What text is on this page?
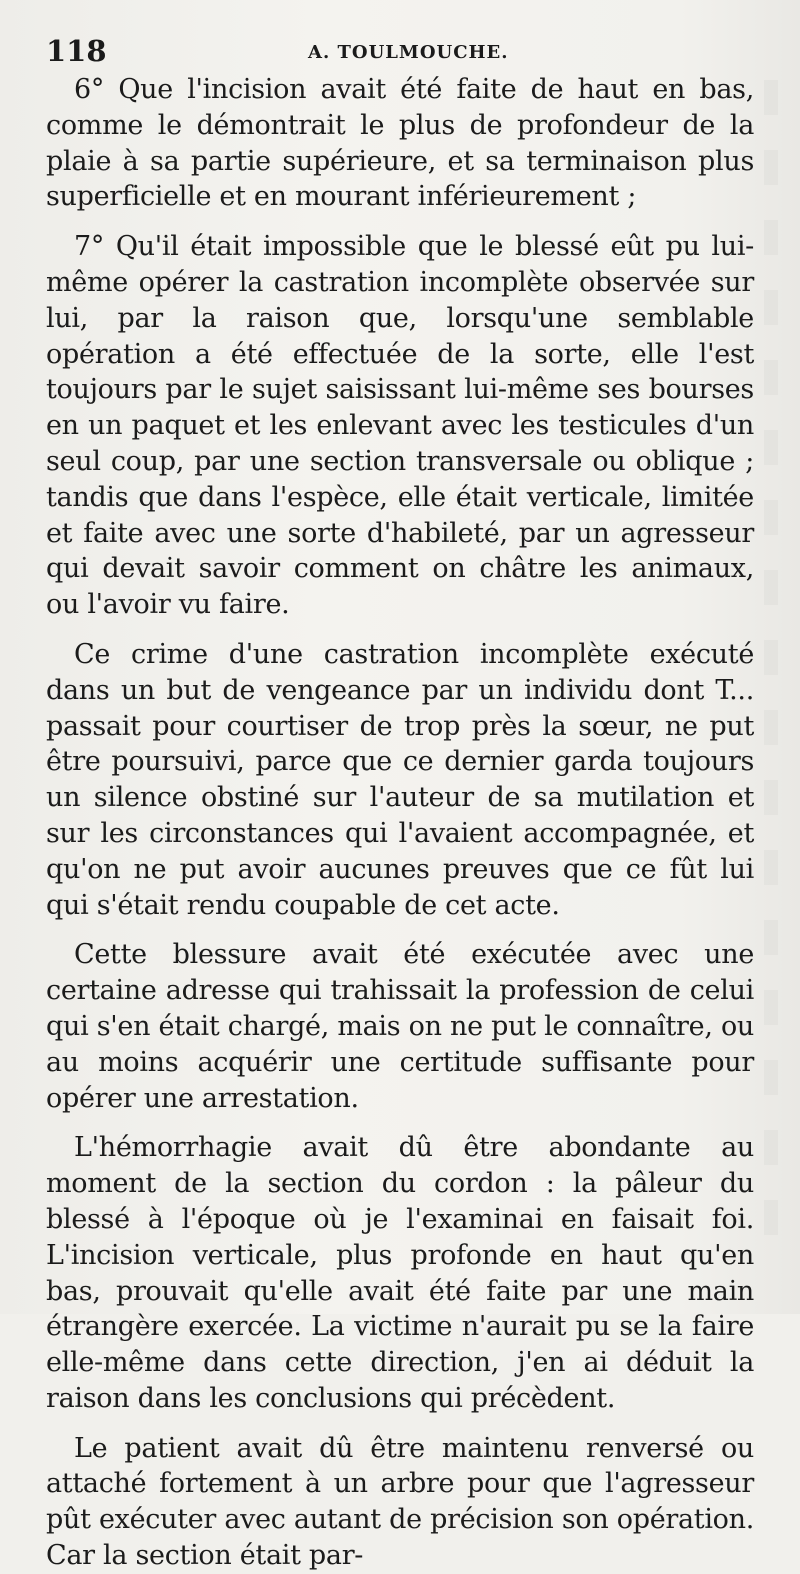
118	A. TOULMOUCHE.

6° Que l'incision avait été faite de haut en bas, comme le démontrait le plus de profondeur de la plaie à sa partie supérieure, et sa terminaison plus superficielle et en mourant inférieurement ;

7° Qu'il était impossible que le blessé eût pu lui-même opérer la castration incomplète observée sur lui, par la raison que, lorsqu'une semblable opération a été effectuée de la sorte, elle l'est toujours par le sujet saisissant lui-même ses bourses en un paquet et les enlevant avec les testicules d'un seul coup, par une section transversale ou oblique ; tandis que dans l'espèce, elle était verticale, limitée et faite avec une sorte d'habileté, par un agresseur qui devait savoir comment on châtre les animaux, ou l'avoir vu faire.

Ce crime d'une castration incomplète exécuté dans un but de vengeance par un individu dont T... passait pour courtiser de trop près la sœur, ne put être poursuivi, parce que ce dernier garda toujours un silence obstiné sur l'auteur de sa mutilation et sur les circonstances qui l'avaient accompagnée, et qu'on ne put avoir aucunes preuves que ce fût lui qui s'était rendu coupable de cet acte.

Cette blessure avait été exécutée avec une certaine adresse qui trahissait la profession de celui qui s'en était chargé, mais on ne put le connaître, ou au moins acquérir une certitude suffisante pour opérer une arrestation.

L'hémorrhagie avait dû être abondante au moment de la section du cordon : la pâleur du blessé à l'époque où je l'examinai en faisait foi. L'incision verticale, plus profonde en haut qu'en bas, prouvait qu'elle avait été faite par une main étrangère exercée. La victime n'aurait pu se la faire elle-même dans cette direction, j'en ai déduit la raison dans les conclusions qui précèdent.

Le patient avait dû être maintenu renversé ou attaché fortement à un arbre pour que l'agresseur pût exécuter avec autant de précision son opération. Car la section était par-
